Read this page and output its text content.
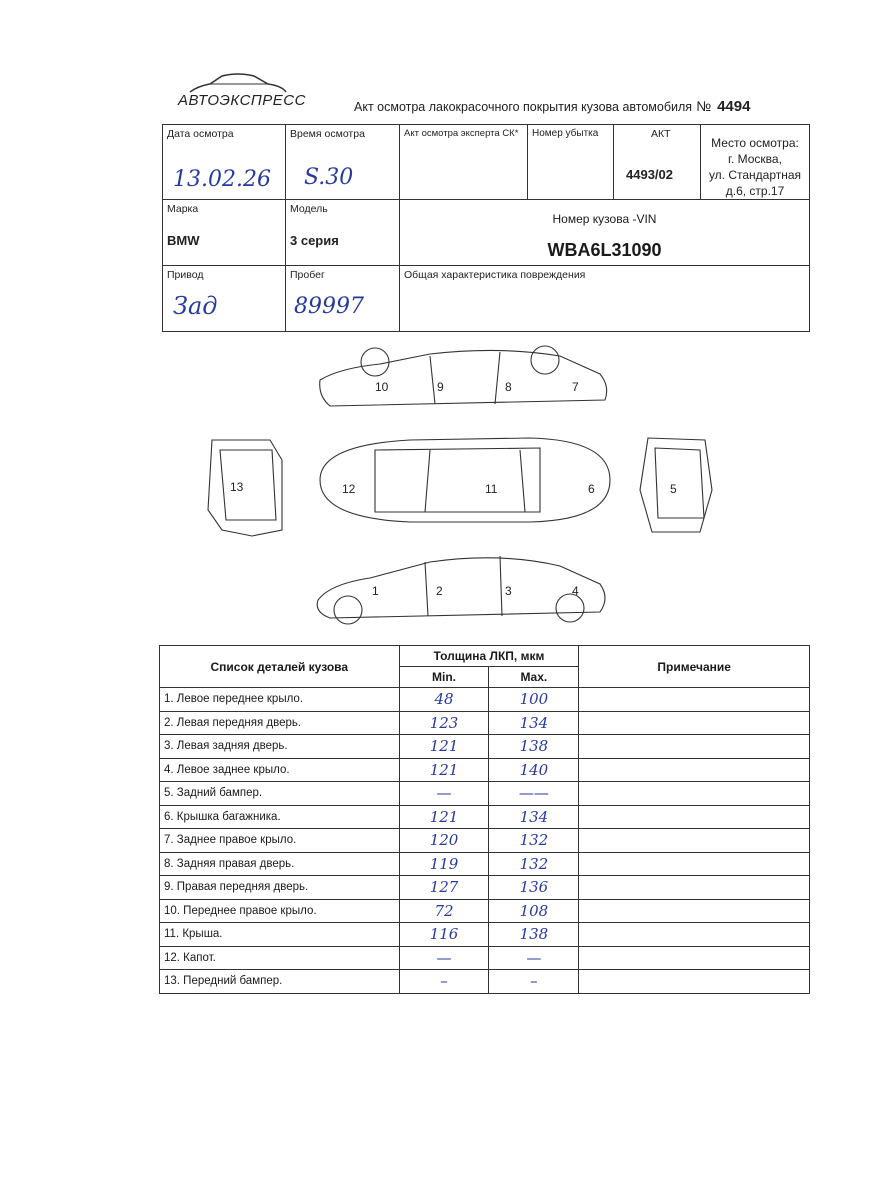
АВТОЭКСПРЕСС	Акт осмотра лакокрасочного покрытия кузова автомобиля № 4494
Дата осмотра
13.02.26
Время осмотра
S.30
Акт осмотра эксперта СК* Номер убытка	АКТ
4493/02
Место осмотра:
г. Москва,
ул. Стандартная
д.6, стр.17
Марка
BMW
Модель
3 серия
Номер кузова -VIN
WBA6L31090
Привод
Зад
Пробег
89997
Общая характеристика повреждения
10	9	8	7
13	12	11	6	5
1	2	3	4
Список деталей кузова	Толщина ЛКП, мкм		Примечание
	Min.	Max.	
1. Левое переднее крыло.	48	100	
2. Левая передняя дверь.	123	134	
3. Левая задняя дверь.	121	138	
4. Левое заднее крыло.	121	140	
5. Задний бампер.	—	——	
6. Крышка багажника.	121	134	
7. Заднее правое крыло.	120	132	
8. Задняя правая дверь.	119	132	
9. Правая передняя дверь.	127	136	
10. Переднее правое крыло.	72	108	
11. Крыша.	116	138	
12. Капот.	—	—	
13. Передний бампер.	–	–	
